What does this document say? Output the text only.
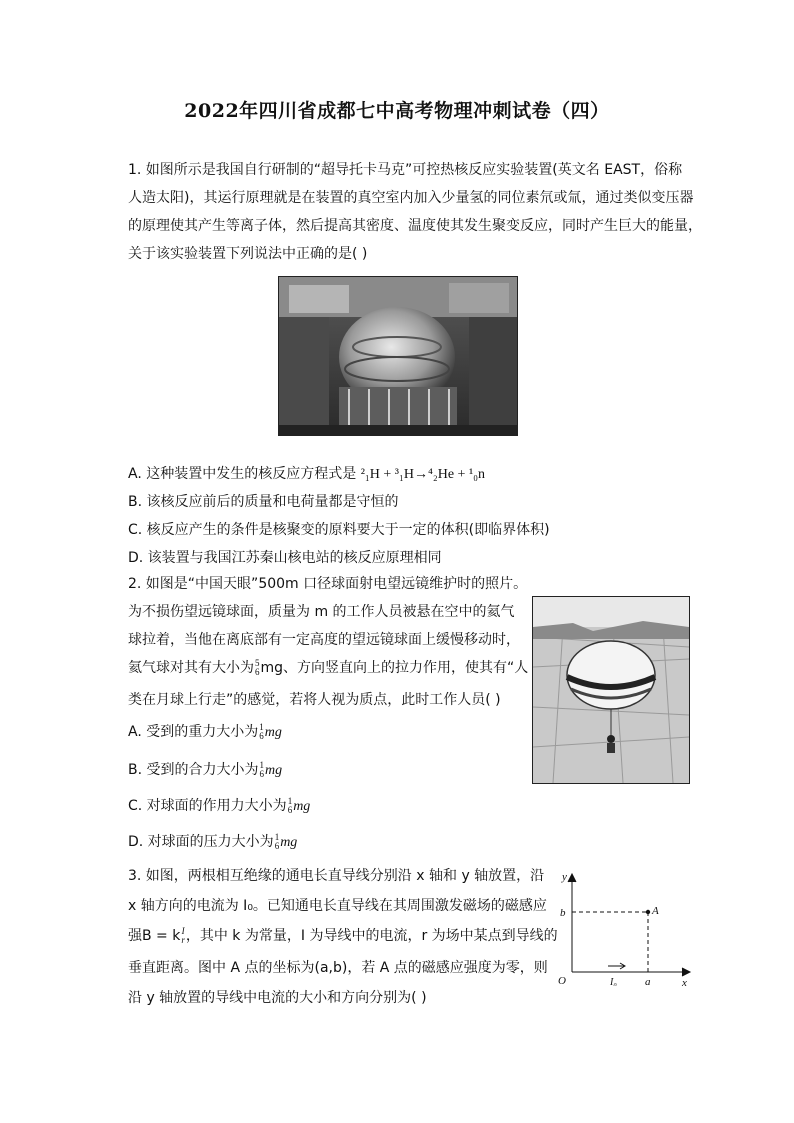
2022年四川省成都七中高考物理冲刺试卷（四）
1. 如图所示是我国自行研制的“超导托卡马克”可控热核反应实验装置(英文名 EAST，俗称
人造太阳)，其运行原理就是在装置的真空室内加入少量氢的同位素氘或氚，通过类似变压器
的原理使其产生等离子体，然后提高其密度、温度使其发生聚变反应，同时产生巨大的能量，
关于该实验装置下列说法中正确的是( )
A. 这种装置中发生的核反应方程式是 ²₁H + ³₁H→⁴₂He + ¹₀n
B. 该核反应前后的质量和电荷量都是守恒的
C. 核反应产生的条件是核聚变的原料要大于一定的体积(即临界体积)
D. 该装置与我国江苏秦山核电站的核反应原理相同
2. 如图是“中国天眼”500m 口径球面射电望远镜维护时的照片。
为不损伤望远镜球面，质量为 m 的工作人员被悬在空中的氦气
球拉着，当他在离底部有一定高度的望远镜球面上缓慢移动时，
氦气球对其有大小为 5
6 mg、方向竖直向上的拉力作用，使其有“人
类在月球上行走”的感觉，若将人视为质点，此时工作人员( )
A. 受到的重力大小为 1
6 mg
B. 受到的合力大小为 1
6 mg
C. 对球面的作用力大小为 1
6 mg
D. 对球面的压力大小为 1
6 mg
3. 如图，两根相互绝缘的通电长直导线分别沿 x 轴和 y 轴放置，沿
x 轴方向的电流为 I₀。已知通电长直导线在其周围激发磁场的磁感应
强B = k I
r ，其中 k 为常量，I 为导线中的电流，r 为场中某点到导线的
垂直距离。图中 A 点的坐标为(a,b)，若 A 点的磁感应强度为零，则
沿 y 轴放置的导线中电流的大小和方向分别为( )
y
x
O
b
a
A
I₀
